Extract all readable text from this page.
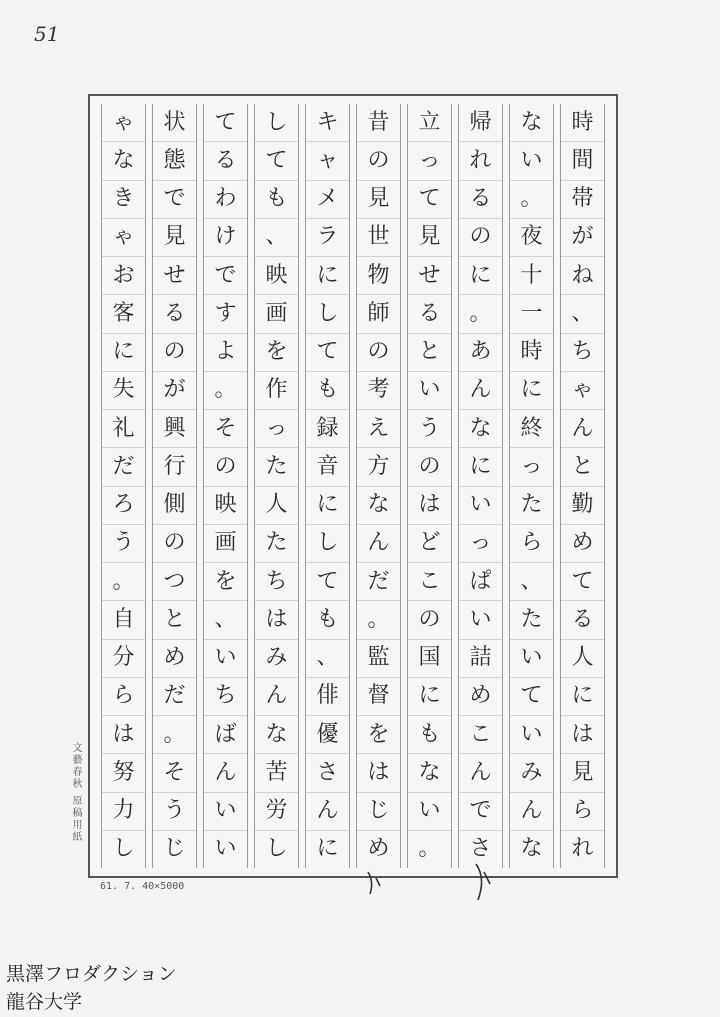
51
時
間
帯
が
ね
、
ち
ゃ
ん
と
勤
め
て
る
人
に
は
見
ら
れ
な
い
。
夜
十
一
時
に
終
っ
た
ら
、
た
い
て
い
み
ん
な
帰
れ
る
の
に
。
あ
ん
な
に
い
っ
ぱ
い
詰
め
こ
ん
で
さ
立
っ
て
見
せ
る
と
い
う
の
は
ど
こ
の
国
に
も
な
い
。
昔
の
見
世
物
師
の
考
え
方
な
ん
だ
。
監
督
を
は
じ
め
キ
ャ
メ
ラ
に
し
て
も
録
音
に
し
て
も
、
俳
優
さ
ん
に
し
て
も
、
映
画
を
作
っ
た
人
た
ち
は
み
ん
な
苦
労
し
て
る
わ
け
で
す
よ
。
そ
の
映
画
を
、
い
ち
ば
ん
い
い
状
態
で
見
せ
る
の
が
興
行
側
の
つ
と
め
だ
。
そ
う
じ
ゃ
な
き
ゃ
お
客
に
失
礼
だ
ろ
う
。
自
分
ら
は
努
力
し
文藝春秋 原稿用紙
61. 7. 40×5000
黒澤フロダクション
龍谷大学
